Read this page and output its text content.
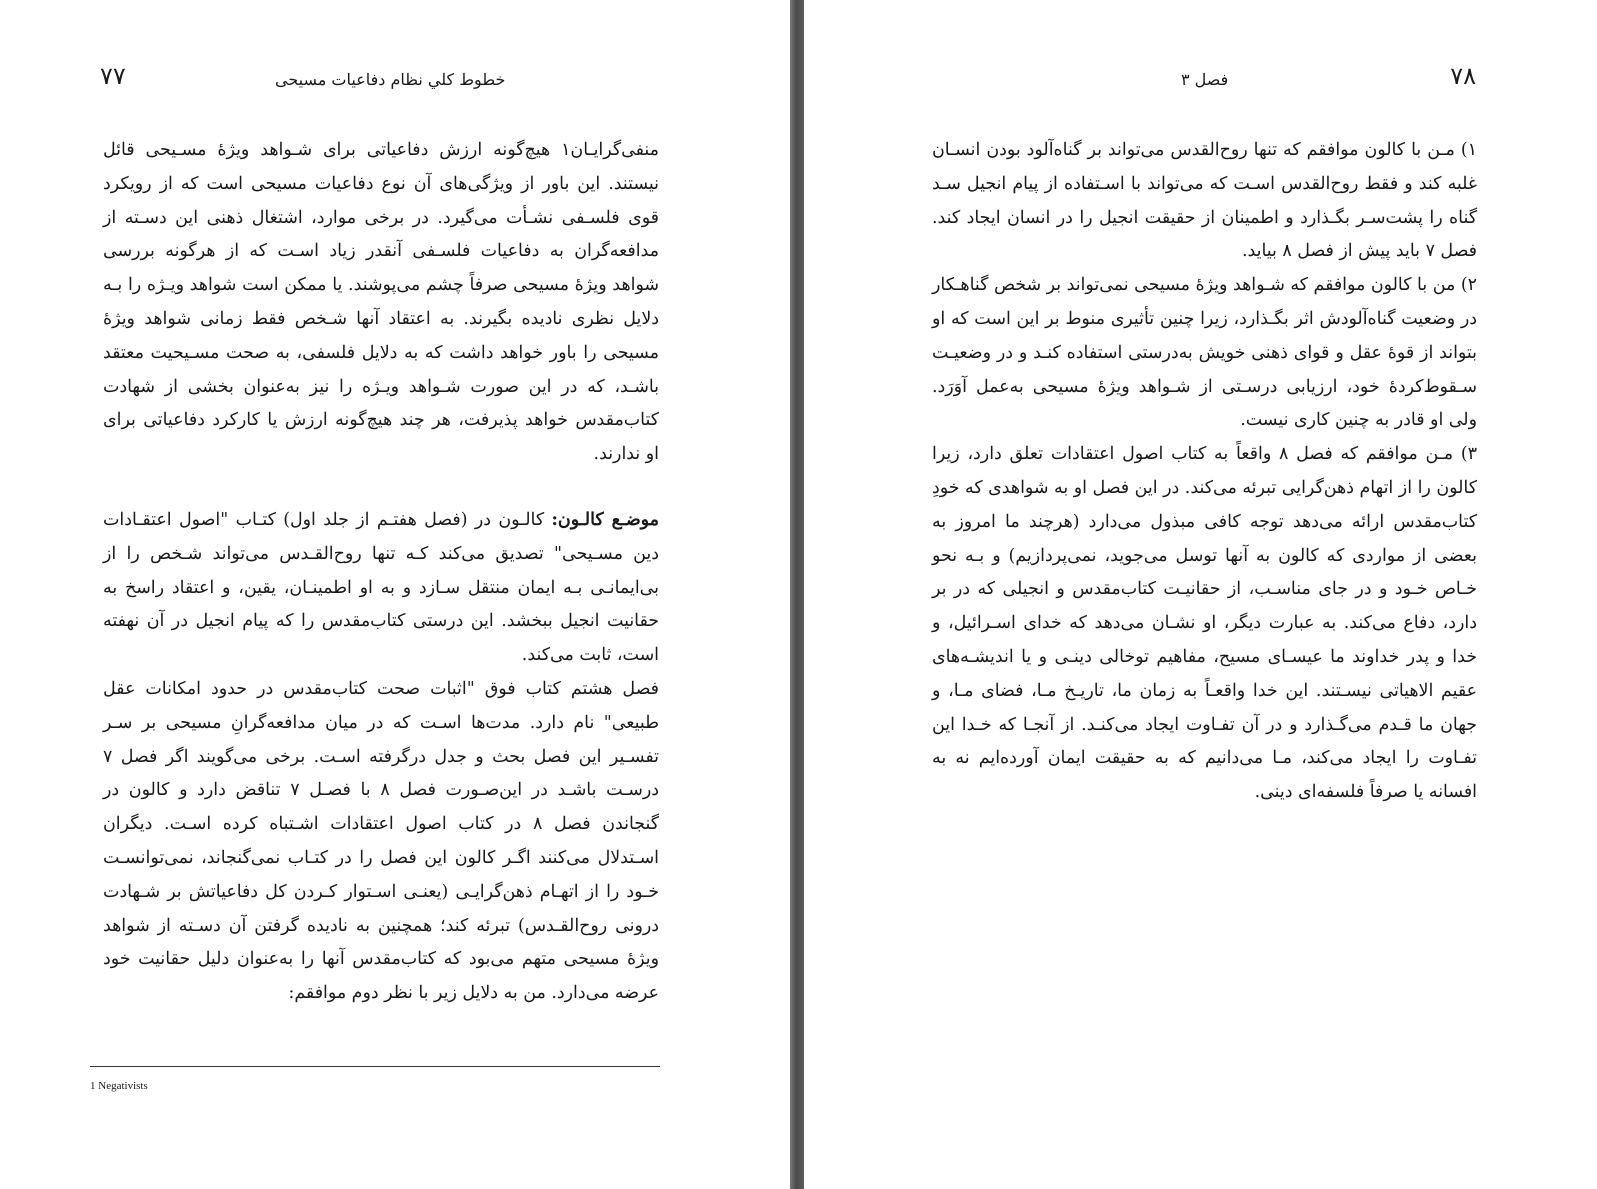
خطوط كلي نظام دفاعيات مسيحی
۷۷

منفی‌گرایـان۱ هیچ‌گونه ارزش دفاعیاتی برای شـواهد ویژهٔ مسـیحی قائل نیستند. این باور از ویژگی‌های آن نوع دفاعیات مسیحی است که از رویکرد قوی فلسـفی نشـأت می‌گیرد. در برخی موارد، اشتغال ذهنی این دسـته از مدافعه‌گران به دفاعیات فلسـفی آنقدر زیاد اسـت که از هرگونه بررسی شواهد ویژهٔ مسیحی صرفاً چشم می‌پوشند. یا ممکن است شواهد ویـژه را بـه دلایل نظری نادیده بگیرند. به اعتقاد آنها شـخص فقط زمانی شواهد ویژهٔ مسیحی را باور خواهد داشت که به دلایل فلسفی، به صحت مسـیحیت معتقد باشـد، که در این صورت شـواهد ویـژه را نیز به‌عنوان بخشی از شهادت کتاب‌مقدس خواهد پذیرفت، هر چند هیچ‌گونه ارزش یا کارکرد دفاعیاتی برای او ندارند.

موضـع کالـون: کالـون در (فصل هفتـم از جلد اول) کتـاب "اصول اعتقـادات دین مسـیحی" تصدیق می‌کند کـه تنها روح‌القـدس می‌تواند شـخص را از بی‌ایمانـی بـه ایمان منتقل سـازد و به او اطمینـان، یقین، و اعتقاد راسخ به حقانیت انجیل ببخشد. این درستی کتاب‌مقدس را که پیام انجیل در آن نهفته است، ثابت می‌کند.

فصل هشتم کتاب فوق "اثبات صحت کتاب‌مقدس در حدود امکانات عقل طبیعی" نام دارد. مدت‌ها اسـت که در میان مدافعه‌گرانِ مسیحی بر سـر تفسـیر این فصل بحث و جدل درگرفته اسـت. برخی می‌گویند اگر فصل ۷ درسـت باشـد در این‌صـورت فصل ۸ با فصـل ۷ تناقض دارد و کالون در گنجاندن فصل ۸ در کتاب اصول اعتقادات اشـتباه کرده اسـت. دیگران اسـتدلال می‌کنند اگـر کالون این فصل را در کتـاب نمی‌گنجاند، نمی‌توانسـت خـود را از اتهـام ذهن‌گرایـی (یعنـی اسـتوار کـردن کل دفاعیاتش بر شـهادت درونی روح‌القـدس) تبرئه کند؛ همچنین به نادیده گرفتن آن دسـته از شواهد ویژهٔ مسیحی متهم می‌بود که کتاب‌مقدس آنها را به‌عنوان دلیل حقانیت خود عرضه می‌دارد. من به دلایل زیر با نظر دوم موافقم:

1 Negativists
فصل ۳	۷۸

۱) مـن با کالون موافقم که تنها روح‌القدس می‌تواند بر گناه‌آلود بودن انسـان غلبه کند و فقط روح‌القدس اسـت که می‌تواند با اسـتفاده از پیام انجیل سـد گناه را پشت‌سـر بگـذارد و اطمینان از حقیقت انجیل را در انسان ایجاد کند. فصل ۷ باید پیش از فصل ۸ بیاید.

۲) من با کالون موافقم که شـواهد ویژهٔ مسیحی نمی‌تواند بر شخص گناهـکار در وضعیت گناه‌آلودش اثر بگـذارد، زیرا چنین تأثیری منوط بر این است که او بتواند از قوهٔ عقل و قوای ذهنی خویش به‌درستی استفاده کنـد و در وضعیـت سـقوط‌کردهٔ خود، ارزیابی درسـتی از شـواهد ویژهٔ مسیحی به‌عمل آوَرَد. ولی او قادر به چنین کاری نیست.

۳) مـن موافقم که فصل ۸ واقعاً به کتاب اصول اعتقادات تعلق دارد، زیرا کالون را از اتهام ذهن‌گرایی تبرئه می‌کند. در این فصل او به شواهدی که خودِ کتاب‌مقدس ارائه می‌دهد توجه کافی مبذول می‌دارد (هرچند ما امروز به بعضی از مواردی که کالون به آنها توسل می‌جوید، نمی‌پردازیم) و بـه نحو خـاص خـود و در جای مناسـب، از حقانیـت کتاب‌مقدس و انجیلی که در بر دارد، دفاع می‌کند. به عبارت دیگر، او نشـان می‌دهد که خدای اسـرائیل، و خدا و پدر خداوند ما عیسـای مسیح، مفاهیم توخالی دینـی و یا اندیشـه‌های عقیم الاهیاتی نیسـتند. این خدا واقعـاً به زمان ما، تاریـخ مـا، فضای مـا، و جهان ما قـدم می‌گـذارد و در آن تفـاوت ایجاد می‌کنـد. از آنجـا که خـدا این تفـاوت را ایجاد می‌کند، مـا می‌دانیم که به حقیقت ایمان آورده‌ایم نه به افسانه یا صرفاً فلسفه‌ای دینی.
